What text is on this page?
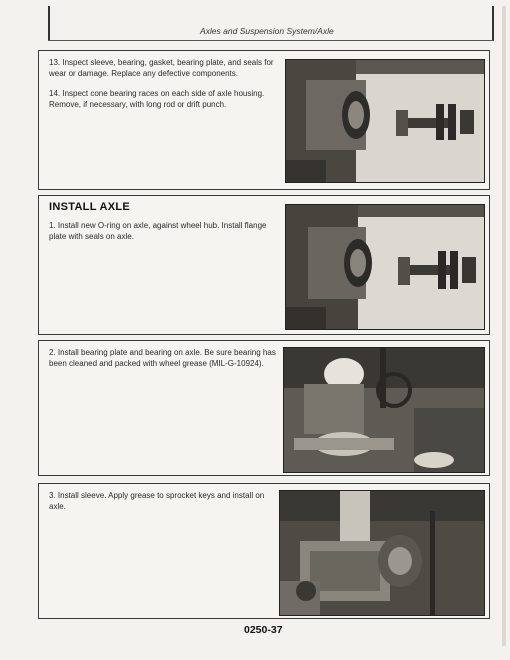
Axles and Suspension System/Axle

13. Inspect sleeve, bearing, gasket, bearing plate, and seals for wear or damage. Replace any defective components.

14. Inspect cone bearing races on each side of axle housing. Remove, if necessary, with long rod or drift punch.

INSTALL AXLE

1. Install new O-ring on axle, against wheel hub. Install flange plate with seals on axle.

2. Install bearing plate and bearing on axle. Be sure bearing has been cleaned and packed with wheel grease (MIL-G-10924).

3. Install sleeve. Apply grease to sprocket keys and install on axle.

0250-37
